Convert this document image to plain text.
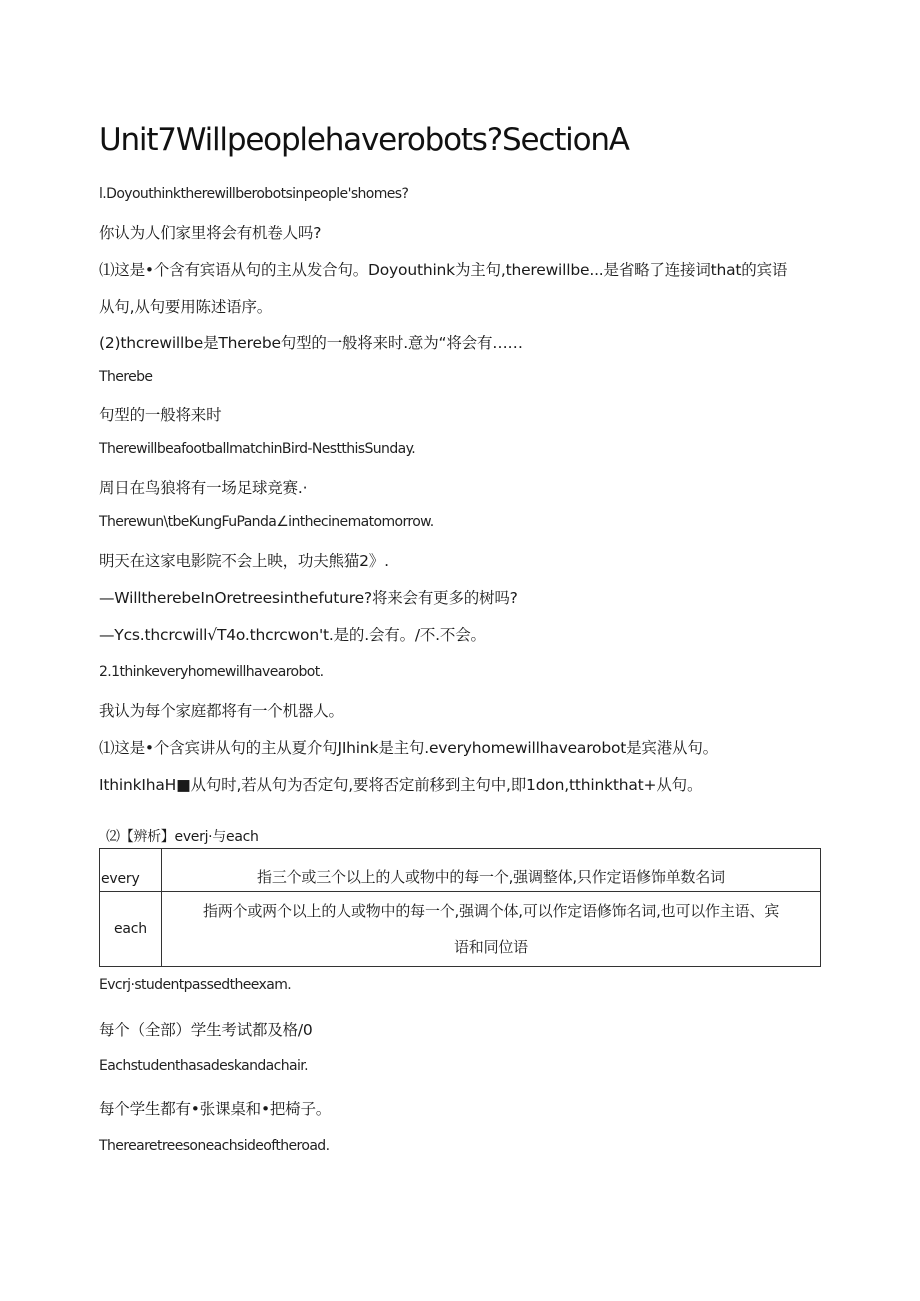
Unit7Willpeoplehaverobots?SectionA
l.Doyouthinktherewillberobotsinpeople'shomes?
你认为人们家里将会有机卷人吗?
⑴这是•个含有宾语从句的主从发合句。Doyouthink为主句,therewillbe...是省略了连接词that的宾语
从句,从句要用陈述语序。
(2)thcrewillbe是Therebe句型的一般将来时.意为“将会有……
Therebe
句型的一般将来时
TherewillbeafootballmatchinBird-NestthisSunday.
周日在鸟狼将有一场足球竞赛.·
Therewun\tbeKungFuPanda∠inthecinematomorrow.
明天在这家电影院不会上映，功夫熊猫2》.
—WilltherebeInOretreesinthefuture?将来会有更多的树吗?
—Ycs.thcrcwill√T4o.thcrcwon't.是的.会有。/不.不会。
2.1thinkeveryhomewillhavearobot.
我认为每个家庭都将有一个机器人。
⑴这是•个含宾讲从句的主从夏介句JIhink是主句.everyhomewillhavearobot是宾港从句。
IthinkIhaH■从句时,若从句为否定句,要将否定前移到主句中,即1don,tthinkthat+从句。
⑵【辨析】everj·与each
every	指三个或三个以上的人或物中的每一个,强调整体,只作定语修饰单数名词
each	指两个或两个以上的人或物中的每一个,强调个体,可以作定语修饰名词,也可以作主语、宾
语和同位语
Evcrj·studentpassedtheexam.
每个（全部）学生考试都及格/0
Eachstudenthasadeskandachair.
每个学生都有•张课桌和•把椅子。
Therearetreesoneachsideoftheroad.
